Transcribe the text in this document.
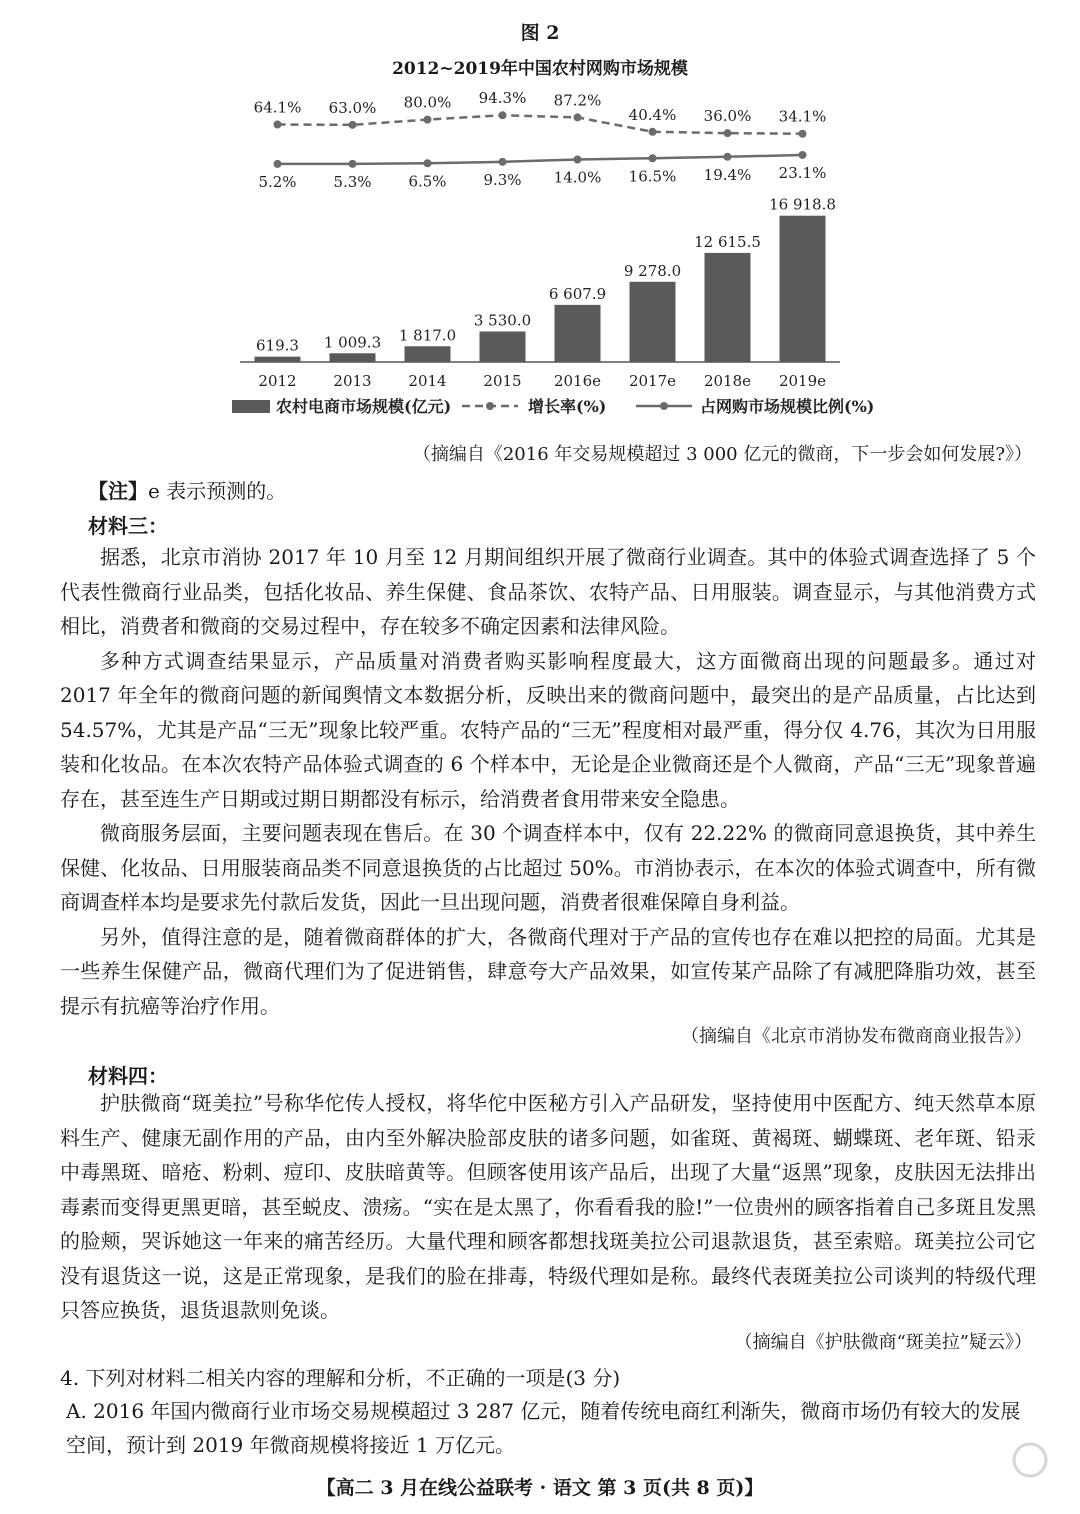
图 2
2012~2019年中国农村网购市场规模
619.3
2012
1 009.3
2013
1 817.0
2014
3 530.0
2015
6 607.9
2016e
9 278.0
2017e
12 615.5
2018e
16 918.8
2019e
64.1% 63.0% 80.0% 94.3% 87.2%
40.4% 36.0% 34.1%
5.2% 5.3% 6.5% 9.3% 14.0% 16.5% 19.4% 23.1%
农村电商市场规模(亿元)	增长率(%)	占网购市场规模比例(%)
（摘编自《2016 年交易规模超过 3 000 亿元的微商，下一步会如何发展?》）
【注】e 表示预测的。
材料三：

据悉，北京市消协 2017 年 10 月至 12 月期间组织开展了微商行业调查。其中的体验式调查选择了 5 个代表性微商行业品类，包括化妆品、养生保健、食品茶饮、农特产品、日用服装。调查显示，与其他消费方式相比，消费者和微商的交易过程中，存在较多不确定因素和法律风险。

多种方式调查结果显示，产品质量对消费者购买影响程度最大，这方面微商出现的问题最多。通过对 2017 年全年的微商问题的新闻舆情文本数据分析，反映出来的微商问题中，最突出的是产品质量，占比达到 54.57%，尤其是产品“三无”现象比较严重。农特产品的“三无”程度相对最严重，得分仅 4.76，其次为日用服装和化妆品。在本次农特产品体验式调查的 6 个样本中，无论是企业微商还是个人微商，产品“三无”现象普遍存在，甚至连生产日期或过期日期都没有标示，给消费者食用带来安全隐患。

微商服务层面，主要问题表现在售后。在 30 个调查样本中，仅有 22.22% 的微商同意退换货，其中养生保健、化妆品、日用服装商品类不同意退换货的占比超过 50%。市消协表示，在本次的体验式调查中，所有微商调查样本均是要求先付款后发货，因此一旦出现问题，消费者很难保障自身利益。

另外，值得注意的是，随着微商群体的扩大，各微商代理对于产品的宣传也存在难以把控的局面。尤其是一些养生保健产品，微商代理们为了促进销售，肆意夸大产品效果，如宣传某产品除了有减肥降脂功效，甚至提示有抗癌等治疗作用。

（摘编自《北京市消协发布微商商业报告》）
材料四：

护肤微商“斑美拉”号称华佗传人授权，将华佗中医秘方引入产品研发，坚持使用中医配方、纯天然草本原料生产、健康无副作用的产品，由内至外解决脸部皮肤的诸多问题，如雀斑、黄褐斑、蝴蝶斑、老年斑、铅汞中毒黑斑、暗疮、粉刺、痘印、皮肤暗黄等。但顾客使用该产品后，出现了大量“返黑”现象，皮肤因无法排出毒素而变得更黑更暗，甚至蜕皮、溃疡。“实在是太黑了，你看看我的脸!”一位贵州的顾客指着自己多斑且发黑的脸颊，哭诉她这一年来的痛苦经历。大量代理和顾客都想找斑美拉公司退款退货，甚至索赔。斑美拉公司它没有退货这一说，这是正常现象，是我们的脸在排毒，特级代理如是称。最终代表斑美拉公司谈判的特级代理只答应换货，退货退款则免谈。

（摘编自《护肤微商“斑美拉”疑云》）
4. 下列对材料二相关内容的理解和分析，不正确的一项是(3 分)
A. 2016 年国内微商行业市场交易规模超过 3 287 亿元，随着传统电商红利渐失，微商市场仍有较大的发展空间，预计到 2019 年微商规模将接近 1 万亿元。
【高二 3 月在线公益联考 · 语文 第 3 页(共 8 页)】
